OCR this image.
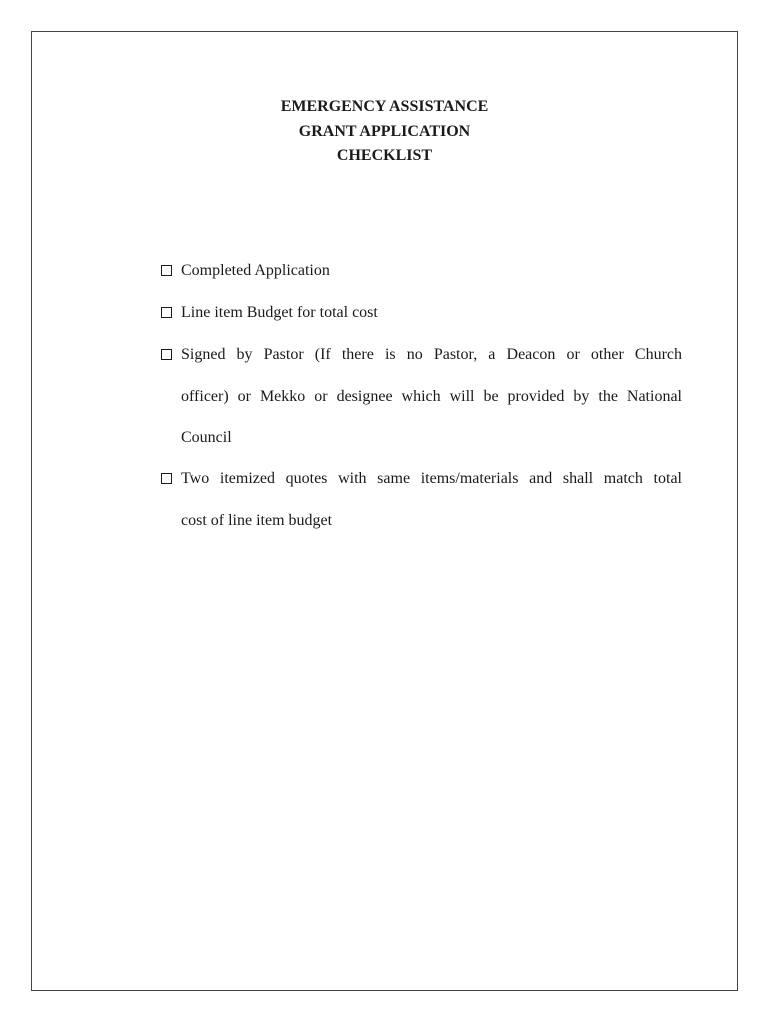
EMERGENCY ASSISTANCE
GRANT APPLICATION
CHECKLIST
Completed Application
Line item Budget for total cost
Signed by Pastor (If there is no Pastor, a Deacon or other Church
officer) or Mekko or designee which will be provided by the National
Council
Two itemized quotes with same items/materials and shall match total
cost of line item budget
